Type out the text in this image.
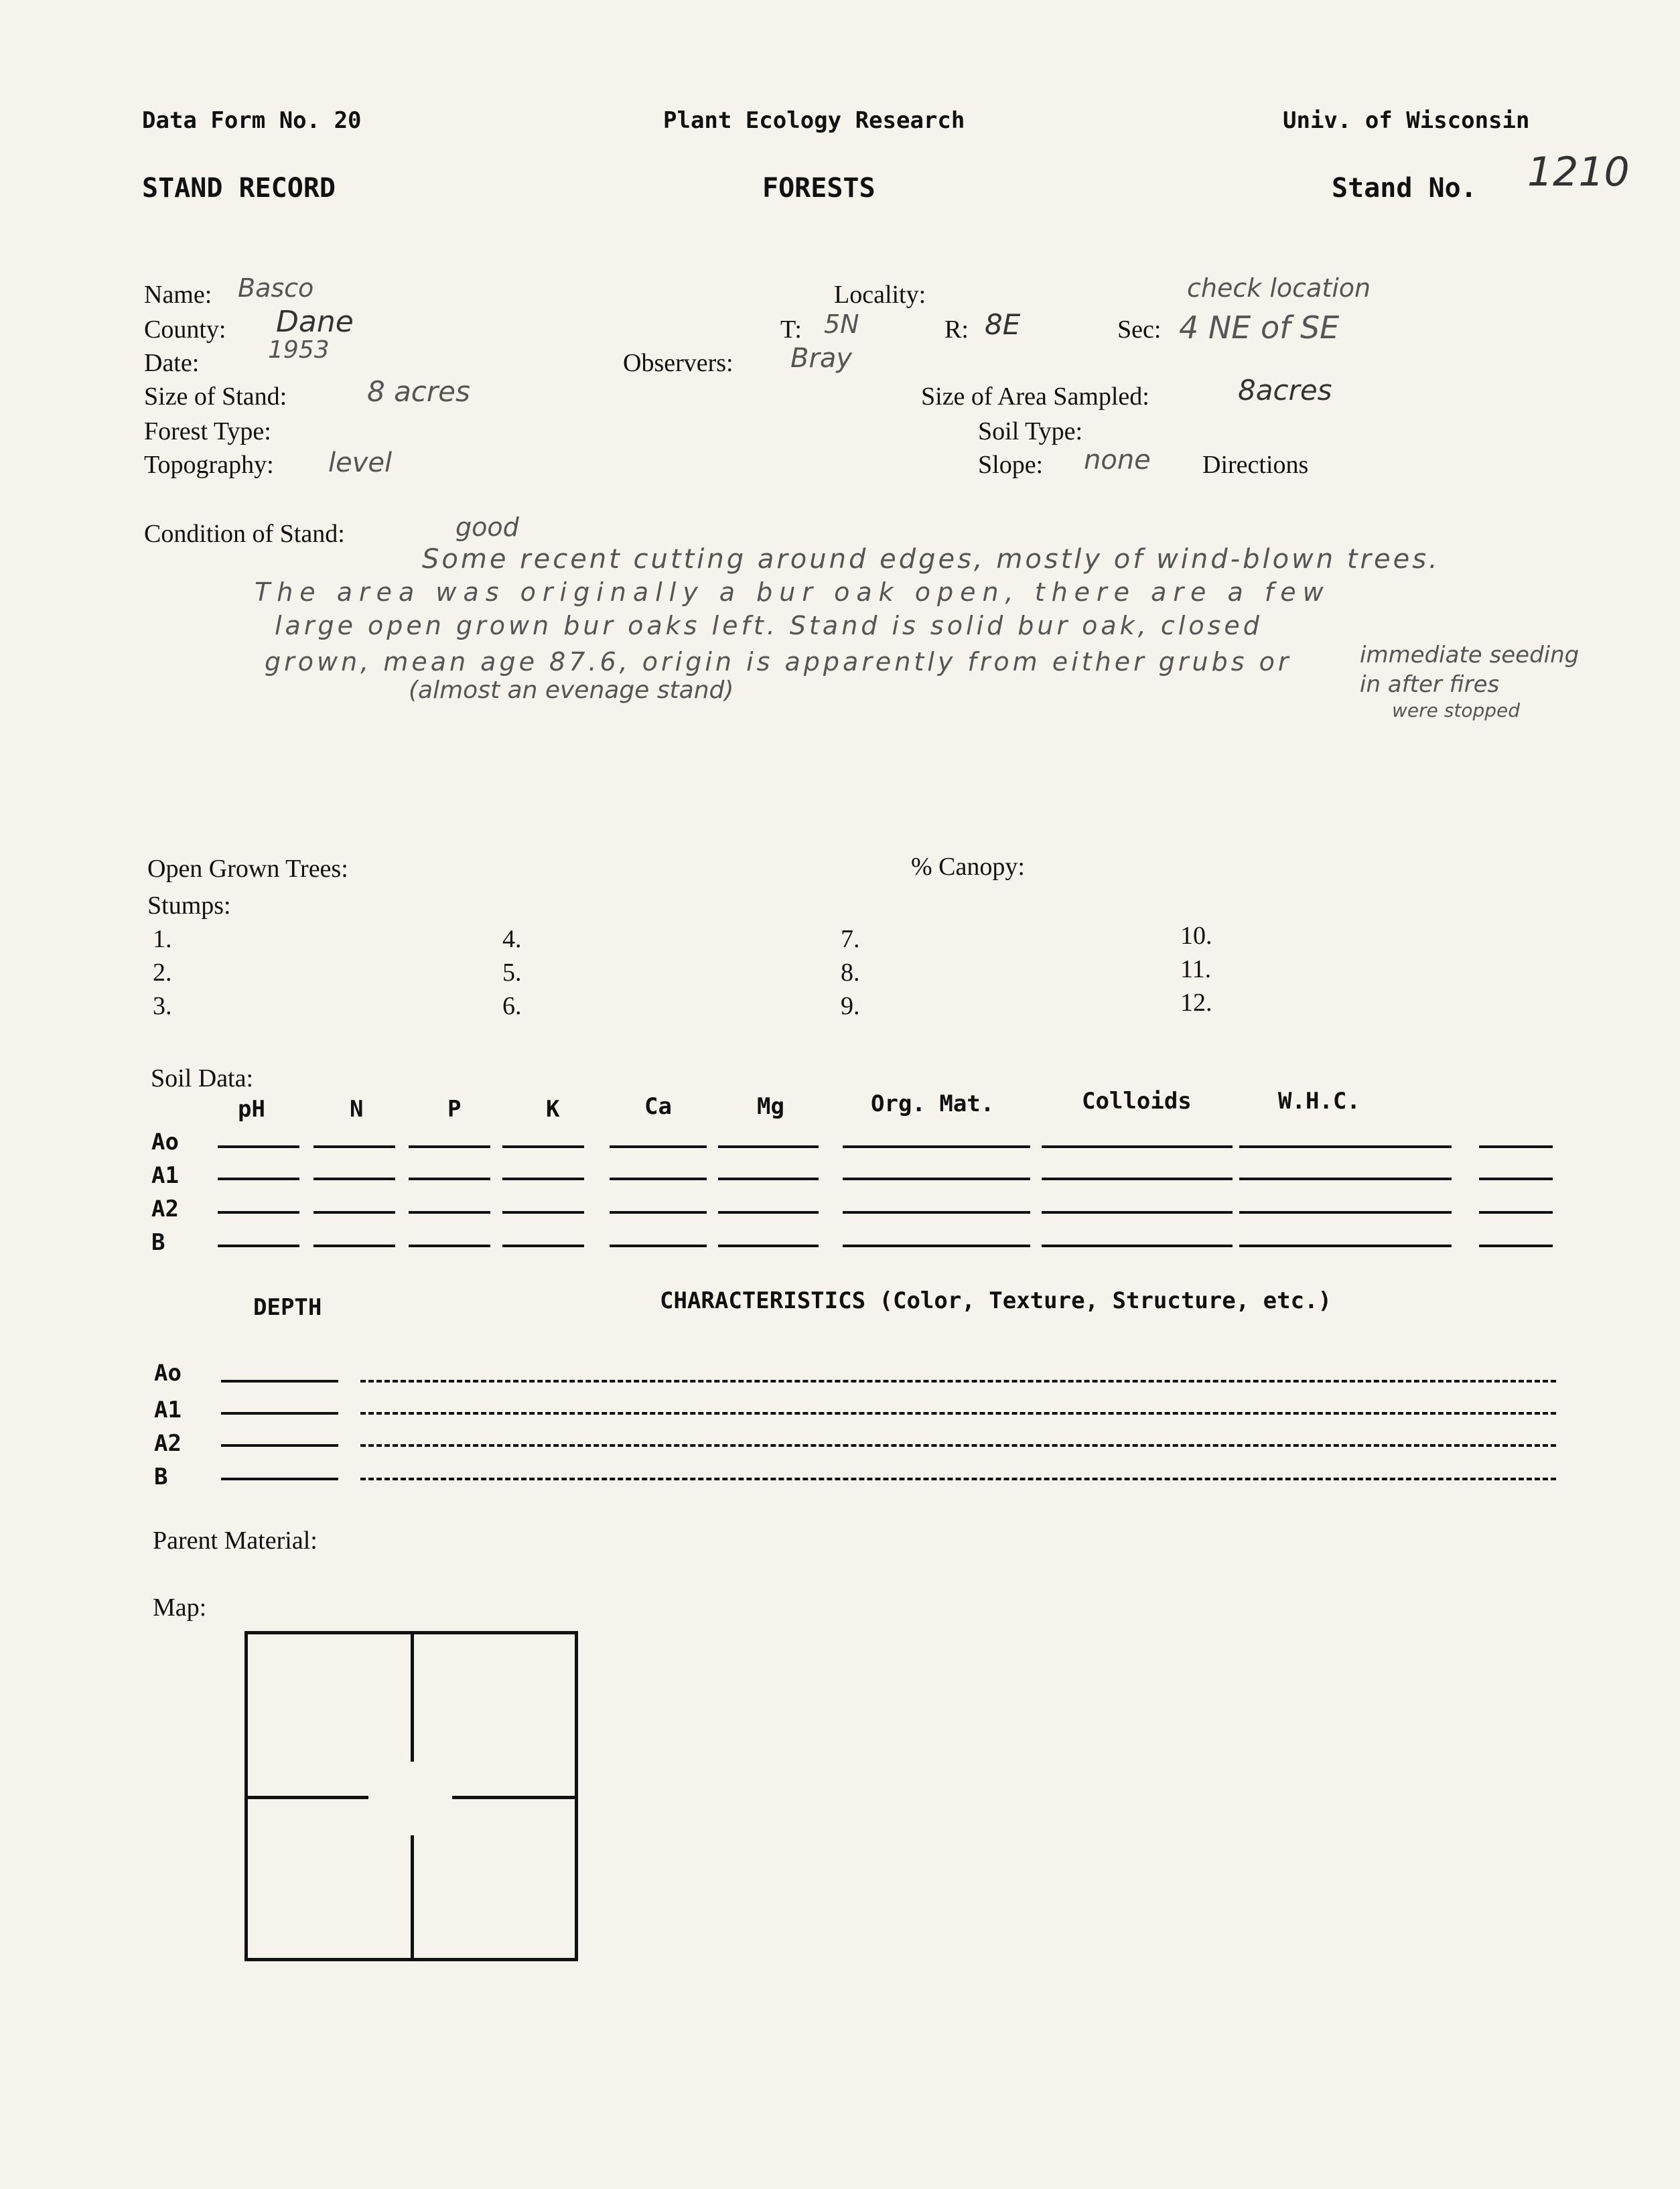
Data Form No. 20	Plant Ecology Research	Univ. of Wisconsin
STAND RECORD	FORESTS	Stand No. 1210
Name: Basco
County: Dane
Date:	1953
Size of Stand:	8 acres
Forest Type:
Topography: level
Locality:	check location
T: 5N	R: 8E	Sec: 4 NE of SE
Observers: Bray
Size of Area Sampled:	8acres
Soil Type:
Slope: none Directions
Condition of Stand:	good
Some recent cutting around edges, mostly of wind-blown trees.
The area was originally a bur oak open, there are a few
large open grown bur oaks left. Stand is solid bur oak, closed
grown, mean age 87.6, origin is apparently from either grubs or
(almost an evenage stand)
immediate seeding
in after fires
were stopped
Open Grown Trees:	% Canopy:
Stumps:
1.
2.
3.
4.
5.
6.
7.
8.
9.
10.
11.
12.
Soil Data:
pH	N	P	K	Ca	Mg	Org. Mat.	Colloids	W.H.C.
Ao
A1
A2
B
DEPTH	CHARACTERISTICS (Color, Texture, Structure, etc.)
Ao
A1
A2
B
Parent Material:
Map:
